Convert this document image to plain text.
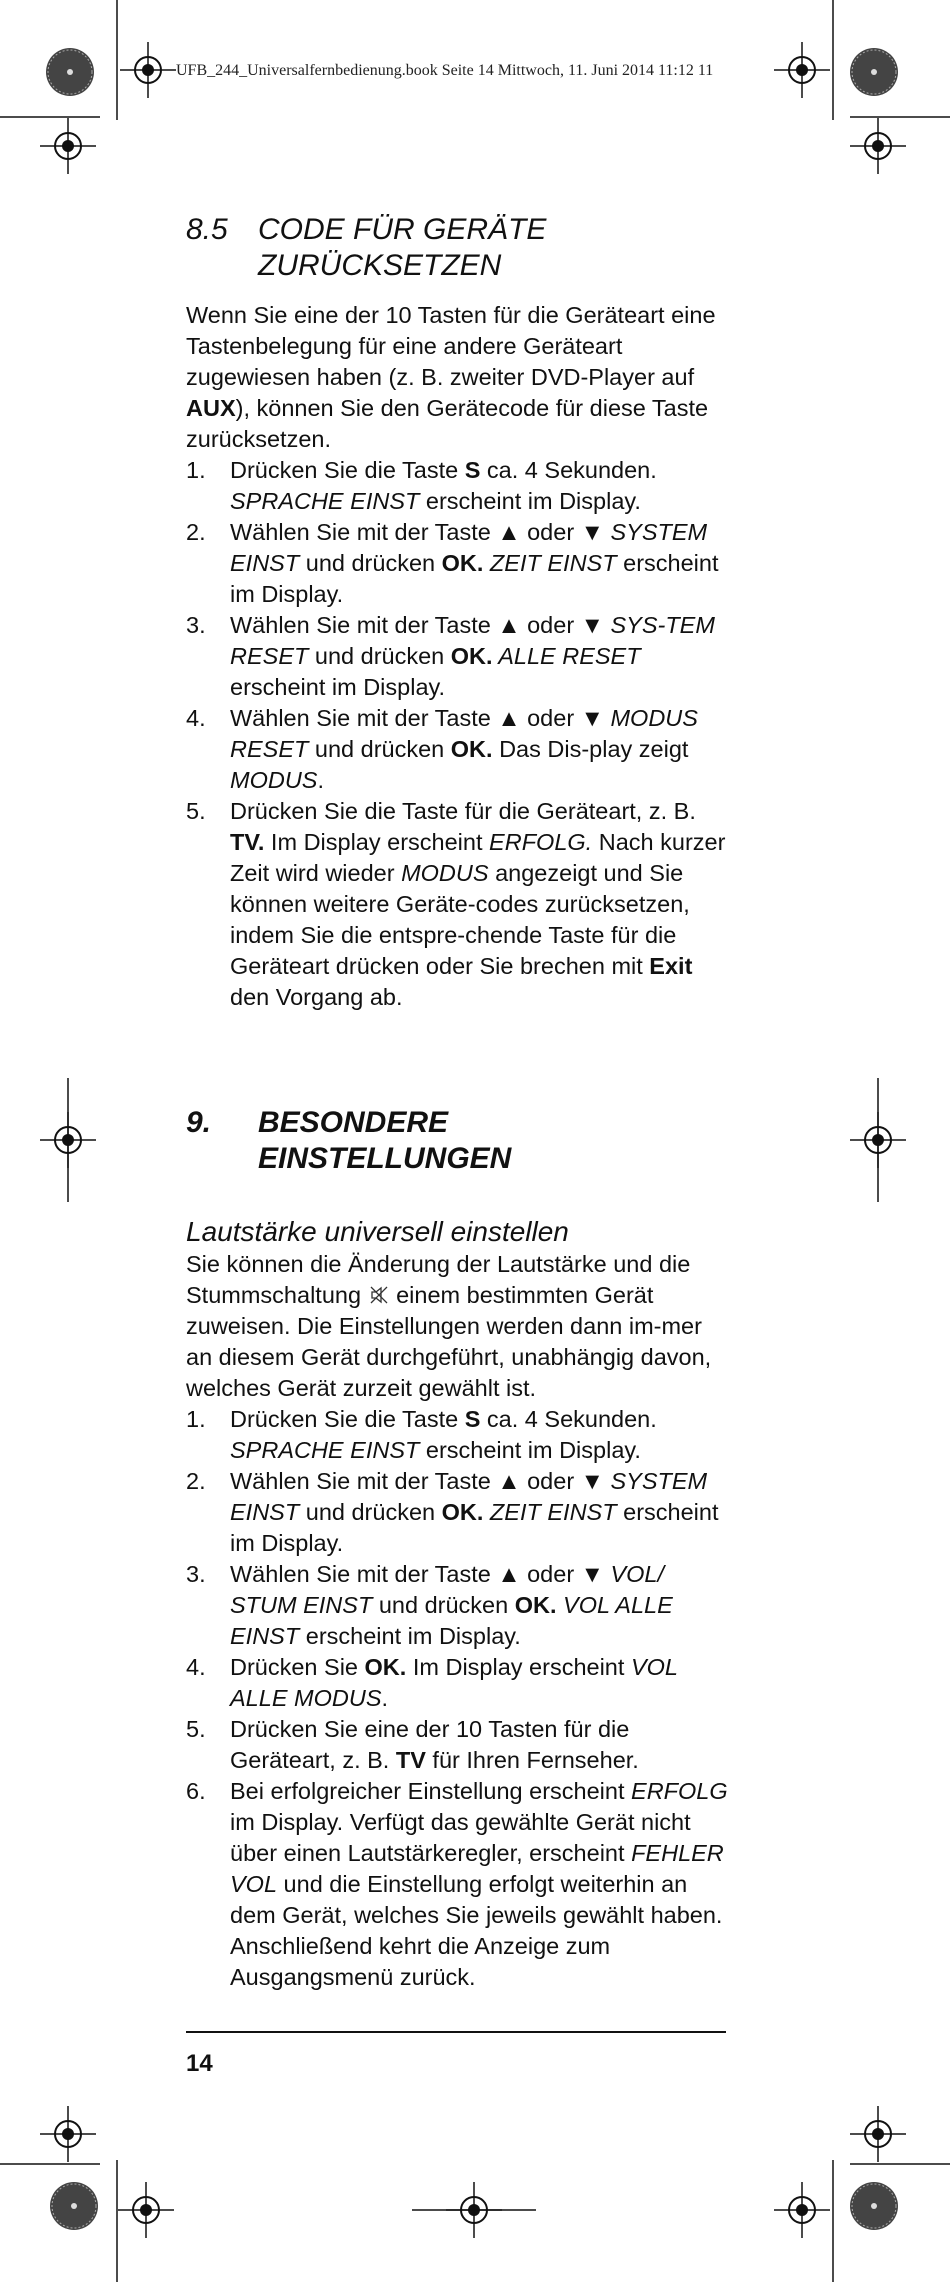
UFB_244_Universalfernbedienung.book Seite 14 Mittwoch, 11. Juni 2014 11:12 11
8.5	CODE FÜR GERÄTE
ZURÜCKSETZEN

Wenn Sie eine der 10 Tasten für die Geräteart eine Tastenbelegung für eine andere Geräteart zugewiesen haben (z. B. zweiter DVD-Player auf AUX), können Sie den Gerätecode für diese Taste zurücksetzen.

1.	Drücken Sie die Taste S ca. 4 Sekunden. SPRACHE EINST erscheint im Display.
2.	Wählen Sie mit der Taste ▲ oder ▼ SYSTEM EINST und drücken OK. ZEIT EINST erscheint im Display.
3.	Wählen Sie mit der Taste ▲ oder ▼ SYS-TEM RESET und drücken OK. ALLE RESET erscheint im Display.
4.	Wählen Sie mit der Taste ▲ oder ▼ MODUS RESET und drücken OK. Das Dis-play zeigt MODUS.
5.	Drücken Sie die Taste für die Geräteart, z. B. TV. Im Display erscheint ERFOLG. Nach kurzer Zeit wird wieder MODUS angezeigt und Sie können weitere Geräte-codes zurücksetzen, indem Sie die entspre-chende Taste für die Geräteart drücken oder Sie brechen mit Exit den Vorgang ab.
9.	BESONDERE
EINSTELLUNGEN
Lautstärke universell einstellen

Sie können die Änderung der Lautstärke und die Stummschaltung  einem bestimmten Gerät zuweisen. Die Einstellungen werden dann im-mer an diesem Gerät durchgeführt, unabhängig davon, welches Gerät zurzeit gewählt ist.

1.	Drücken Sie die Taste S ca. 4 Sekunden. SPRACHE EINST erscheint im Display.
2.	Wählen Sie mit der Taste ▲ oder ▼ SYSTEM EINST und drücken OK. ZEIT EINST erscheint im Display.
3.	Wählen Sie mit der Taste ▲ oder ▼ VOL/ STUM EINST und drücken OK. VOL ALLE EINST erscheint im Display.
4.	Drücken Sie OK. Im Display erscheint VOL ALLE MODUS.
5.	Drücken Sie eine der 10 Tasten für die Geräteart, z. B. TV für Ihren Fernseher.
6.	Bei erfolgreicher Einstellung erscheint ERFOLG im Display. Verfügt das gewählte Gerät nicht über einen Lautstärkeregler, erscheint FEHLER VOL und die Einstellung erfolgt weiterhin an dem Gerät, welches Sie jeweils gewählt haben. Anschließend kehrt die Anzeige zum Ausgangsmenü zurück.
14
